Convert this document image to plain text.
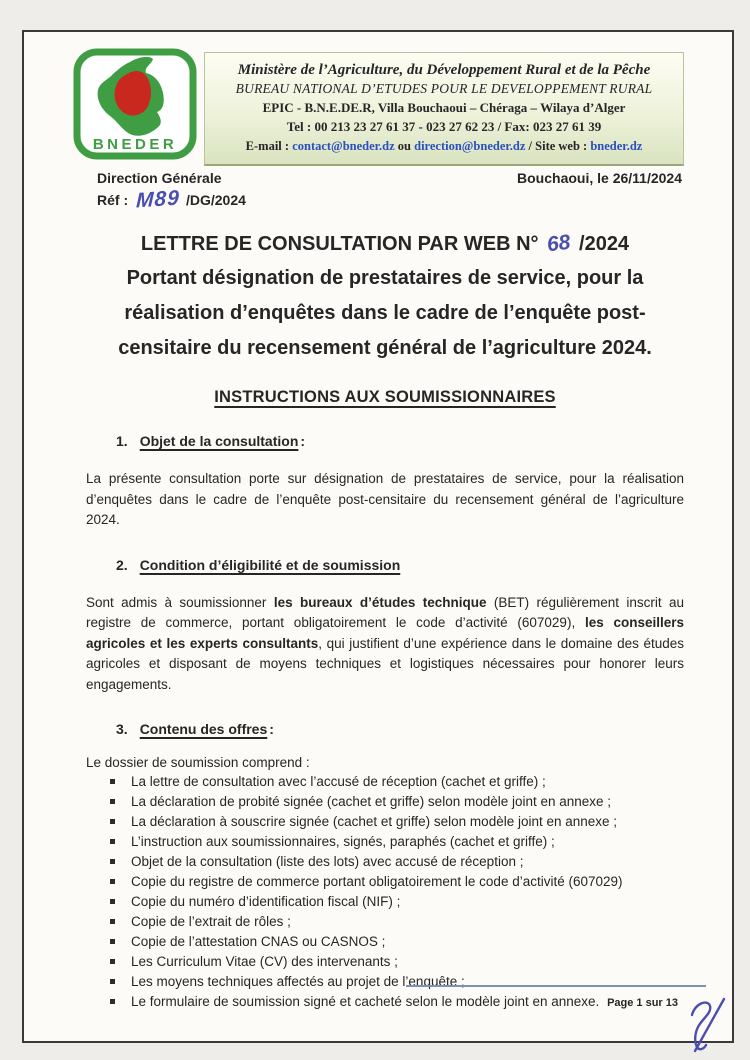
BNEDER
Ministère de l’Agriculture, du Développement Rural et de la Pêche
BUREAU NATIONAL D’ETUDES POUR LE DEVELOPPEMENT RURAL
EPIC - B.N.E.DE.R, Villa Bouchaoui – Chéraga – Wilaya d’Alger
Tel : 00 213 23 27 61 37 - 023 27 62 23 / Fax: 023 27 61 39
E-mail : contact@bneder.dz ou direction@bneder.dz / Site web : bneder.dz
Direction Générale	Bouchaoui, le 26/11/2024
Réf : M89 /DG/2024
LETTRE DE CONSULTATION PAR WEB N° 68 /2024
Portant désignation de prestataires de service, pour la réalisation d’enquêtes dans le cadre de l’enquête post-censitaire du recensement général de l’agriculture 2024.
INSTRUCTIONS AUX SOUMISSIONNAIRES
1. Objet de la consultation :

La présente consultation porte sur désignation de prestataires de service, pour la réalisation d’enquêtes dans le cadre de l’enquête post-censitaire du recensement général de l’agriculture 2024.

2. Condition d’éligibilité et de soumission

Sont admis à soumissionner les bureaux d’études technique (BET) régulièrement inscrit au registre de commerce, portant obligatoirement le code d’activité (607029), les conseillers agricoles et les experts consultants, qui justifient d’une expérience dans le domaine des études agricoles et disposant de moyens techniques et logistiques nécessaires pour honorer leurs engagements.

3. Contenu des offres :
Le dossier de soumission comprend :
La lettre de consultation avec l’accusé de réception (cachet et griffe) ;
La déclaration de probité signée (cachet et griffe) selon modèle joint en annexe ;
La déclaration à souscrire signée (cachet et griffe) selon modèle joint en annexe ;
L’instruction aux soumissionnaires, signés, paraphés (cachet et griffe) ;
Objet de la consultation (liste des lots) avec accusé de réception ;
Copie du registre de commerce portant obligatoirement le code d’activité (607029)
Copie du numéro d’identification fiscal (NIF) ;
Copie de l’extrait de rôles ;
Copie de l’attestation CNAS ou CASNOS ;
Les Curriculum Vitae (CV) des intervenants ;
Les moyens techniques affectés au projet de l’enquête ;
Le formulaire de soumission signé et cacheté selon le modèle joint en annexe. Page 1 sur 13
